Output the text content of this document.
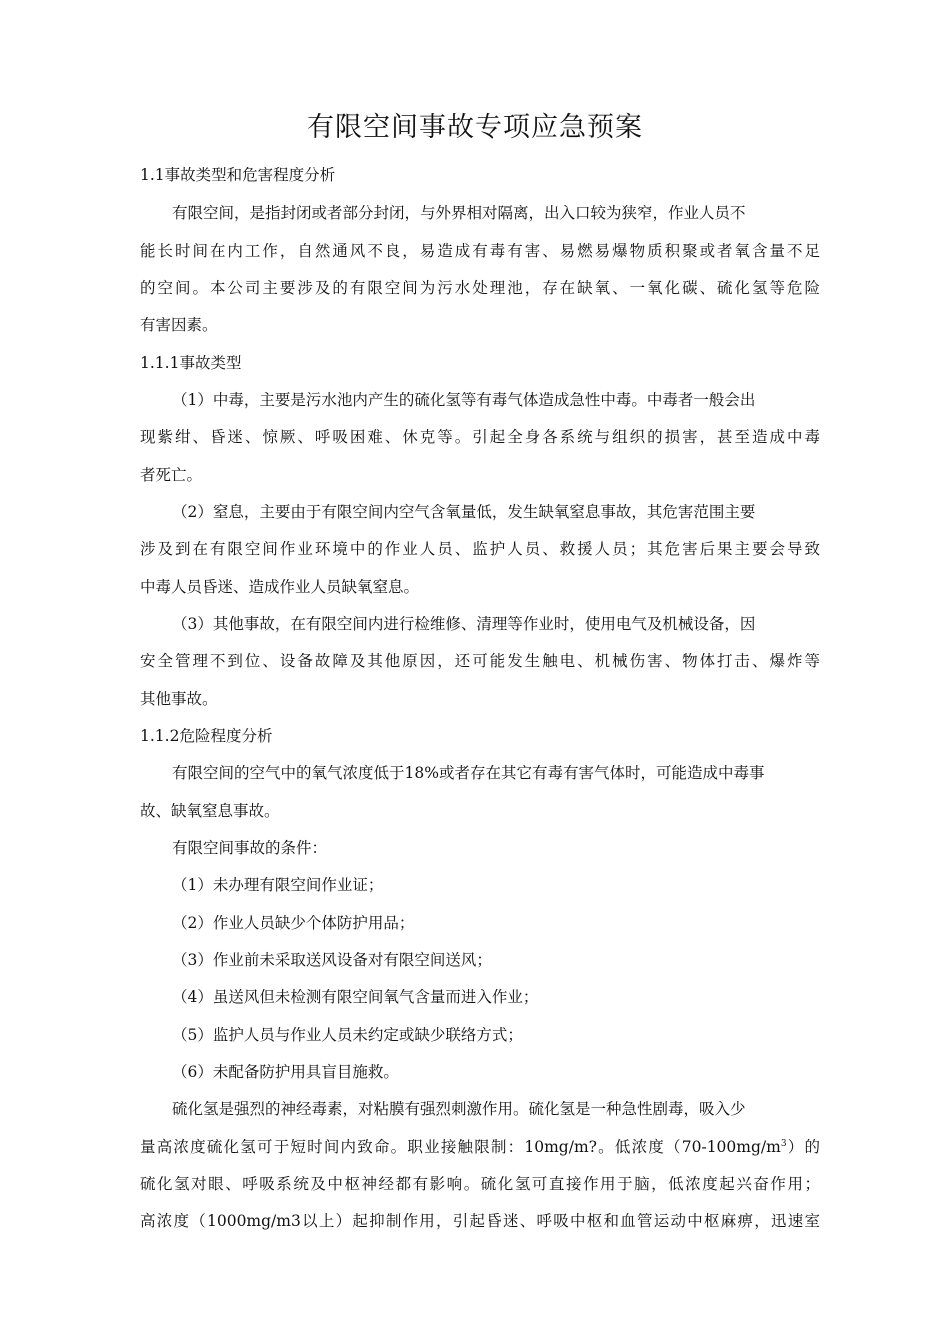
有限空间事故专项应急预案
1.1事故类型和危害程度分析
有限空间，是指封闭或者部分封闭，与外界相对隔离，出入口较为狭窄，作业人员不
能长时间在内工作，自然通风不良，易造成有毒有害、易燃易爆物质积聚或者氧含量不足
的空间。本公司主要涉及的有限空间为污水处理池，存在缺氧、一氧化碳、硫化氢等危险
有害因素。
1.1.1事故类型
（1）中毒，主要是污水池内产生的硫化氢等有毒气体造成急性中毒。中毒者一般会出
现紫绀、昏迷、惊厥、呼吸困难、休克等。引起全身各系统与组织的损害，甚至造成中毒
者死亡。
（2）窒息，主要由于有限空间内空气含氧量低，发生缺氧窒息事故，其危害范围主要
涉及到在有限空间作业环境中的作业人员、监护人员、救援人员；其危害后果主要会导致
中毒人员昏迷、造成作业人员缺氧窒息。
（3）其他事故，在有限空间内进行检维修、清理等作业时，使用电气及机械设备，因
安全管理不到位、设备故障及其他原因，还可能发生触电、机械伤害、物体打击、爆炸等
其他事故。
1.1.2危险程度分析
有限空间的空气中的氧气浓度低于18%或者存在其它有毒有害气体时，可能造成中毒事
故、缺氧窒息事故。
有限空间事故的条件：
（1）未办理有限空间作业证；
（2）作业人员缺少个体防护用品；
（3）作业前未采取送风设备对有限空间送风；
（4）虽送风但未检测有限空间氧气含量而进入作业；
（5）监护人员与作业人员未约定或缺少联络方式；
（6）未配备防护用具盲目施救。
硫化氢是强烈的神经毒素，对粘膜有强烈刺激作用。硫化氢是一种急性剧毒，吸入少
量高浓度硫化氢可于短时间内致命。职业接触限制：10mg/m?。低浓度$(70-100mg/m^3)$的
硫化氢对眼、呼吸系统及中枢神经都有影响。硫化氢可直接作用于脑，低浓度起兴奋作用；
高浓度（1000mg/m3以上）起抑制作用，引起昏迷、呼吸中枢和血管运动中枢麻痹，迅速室
